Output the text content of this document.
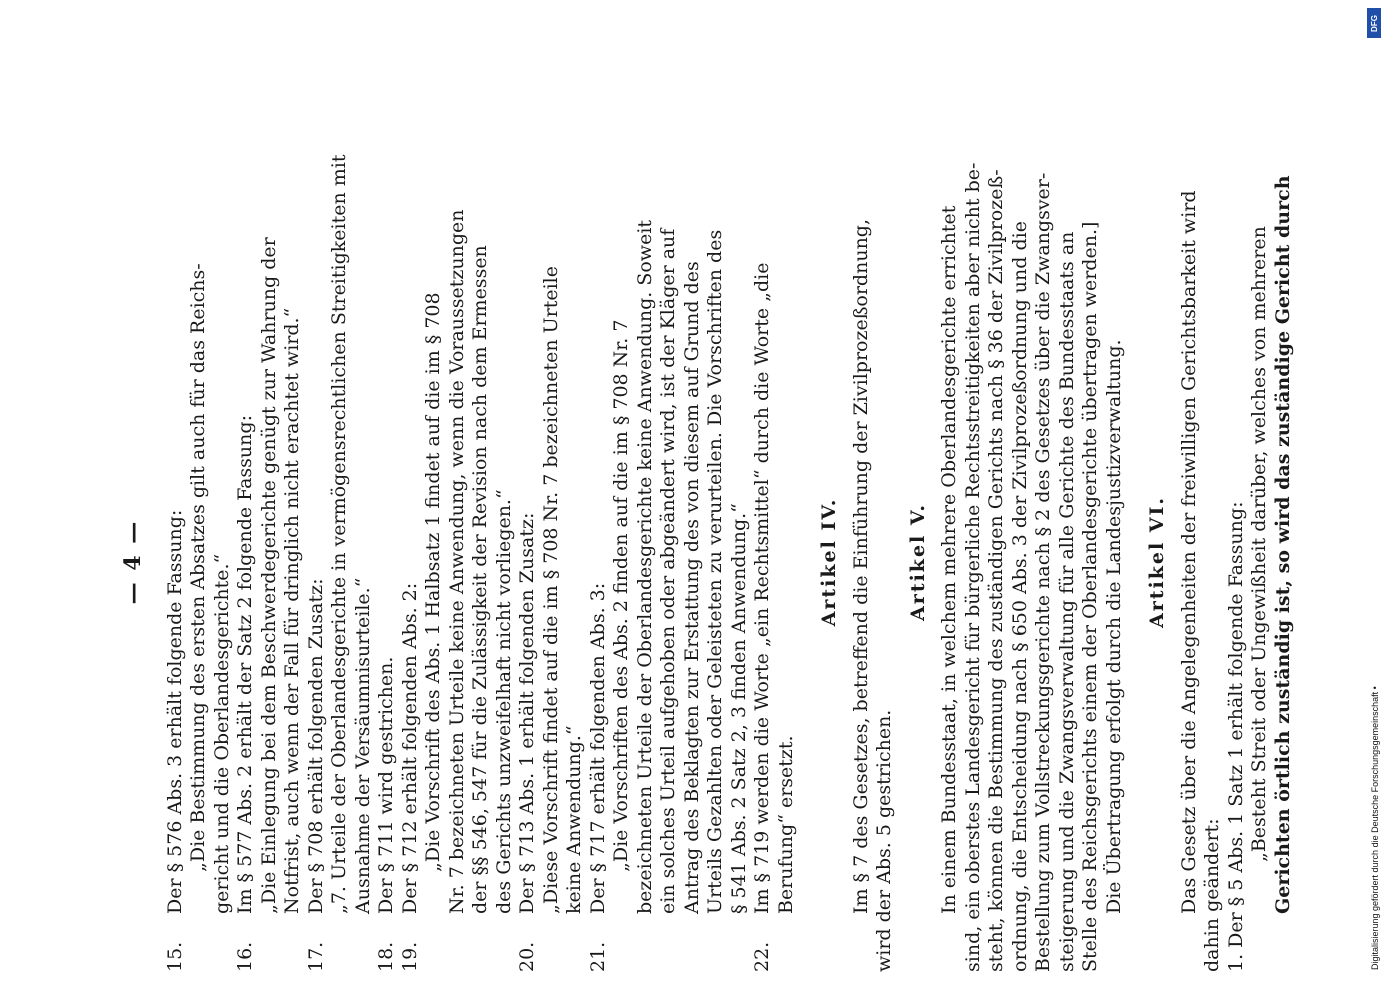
— 4 —
15.Der § 576 Abs. 3 erhält folgende Fassung: „Die Bestimmung des ersten Absatzes gilt auch für das Reichs- gericht und die Oberlandesgerichte.“
16.Im § 577 Abs. 2 erhält der Satz 2 folgende Fassung: „Die Einlegung bei dem Beschwerdegerichte genügt zur Wahrung der Notfrist, auch wenn der Fall für dringlich nicht erachtet wird.“
17.Der § 708 erhält folgenden Zusatz: „7. Urteile der Oberlandesgerichte in vermögensrechtlichen Streitigkeiten mit Ausnahme der Versäumnisurteile.“
18.Der § 711 wird gestrichen.
19.Der § 712 erhält folgenden Abs. 2: „Die Vorschrift des Abs. 1 Halbsatz 1 findet auf die im § 708 Nr. 7 bezeichneten Urteile keine Anwendung, wenn die Voraussetzungen der §§ 546, 547 für die Zulässigkeit der Revision nach dem Ermessen des Gerichts unzweifelhaft nicht vorliegen.“
20.Der § 713 Abs. 1 erhält folgenden Zusatz: „Diese Vorschrift findet auf die im § 708 Nr. 7 bezeichneten Urteile keine Anwendung.“
21.Der § 717 erhält folgenden Abs. 3: „Die Vorschriften des Abs. 2 finden auf die im § 708 Nr. 7 bezeichneten Urteile der Oberlandesgerichte keine Anwendung. Soweit ein solches Urteil aufgehoben oder abgeändert wird, ist der Kläger auf Antrag des Beklagten zur Erstattung des von diesem auf Grund des Urteils Gezahlten oder Geleisteten zu verurteilen. Die Vorschriften des § 541 Abs. 2 Satz 2, 3 finden Anwendung.“
22.Im § 719 werden die Worte „ein Rechtsmittel“ durch die Worte „die Berufung“ ersetzt.
Artikel IV. Im § 7 des Gesetzes, betreffend die Einführung der Zivilprozeßordnung, wird der Abs. 5 gestrichen.
Artikel V. In einem Bundesstaat, in welchem mehrere Oberlandesgerichte errichtet sind, ein oberstes Landesgericht für bürgerliche Rechtsstreitigkeiten aber nicht be- steht, können die Bestimmung des zuständigen Gerichts nach § 36 der Zivilprozeß- ordnung, die Entscheidung nach § 650 Abs. 3 der Zivilprozeßordnung und die Bestellung zum Vollstreckungsgerichte nach § 2 des Gesetzes über die Zwangsver- steigerung und die Zwangsverwaltung für alle Gerichte des Bundesstaats an Stelle des Reichsgerichts einem der Oberlandesgerichte übertragen werden.] Die Übertragung erfolgt durch die Landesjustizverwaltung. Artikel VI. Das Gesetz über die Angelegenheiten der freiwilligen Gerichtsbarkeit wird dahin geändert: 1. Der § 5 Abs. 1 Satz 1 erhält folgende Fassung: „Besteht Streit oder Ungewißheit darüber, welches von mehreren Gerichten örtlich zuständig ist, so wird das zuständige Gericht durch	Digitalisierung gefördert durch die Deutsche Forschungsgemeinschaft •
DFG
